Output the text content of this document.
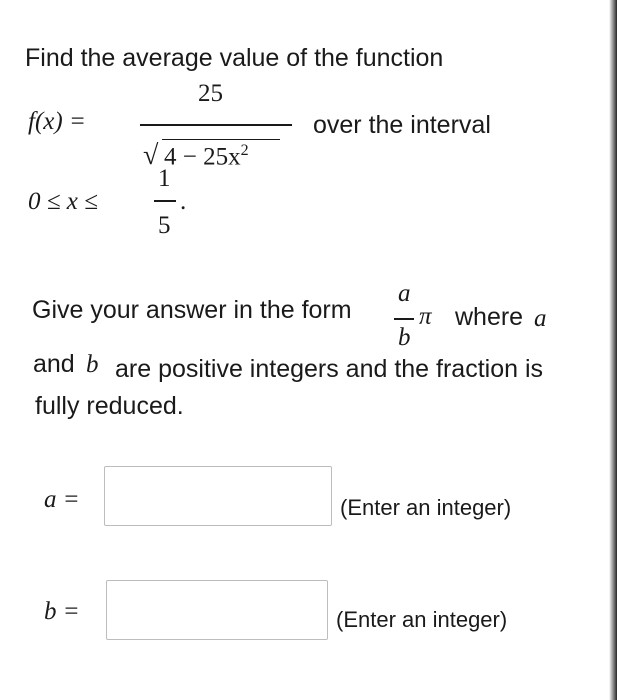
Find the average value of the function
f(x) =
25
√ $4 - 25x^2$
over the interval
0 ≤ x ≤
1
5
.
Give your answer in the form
a
b
π where a
and b are positive integers and the fraction is
fully reduced.
a =	(Enter an integer)
b =	(Enter an integer)
